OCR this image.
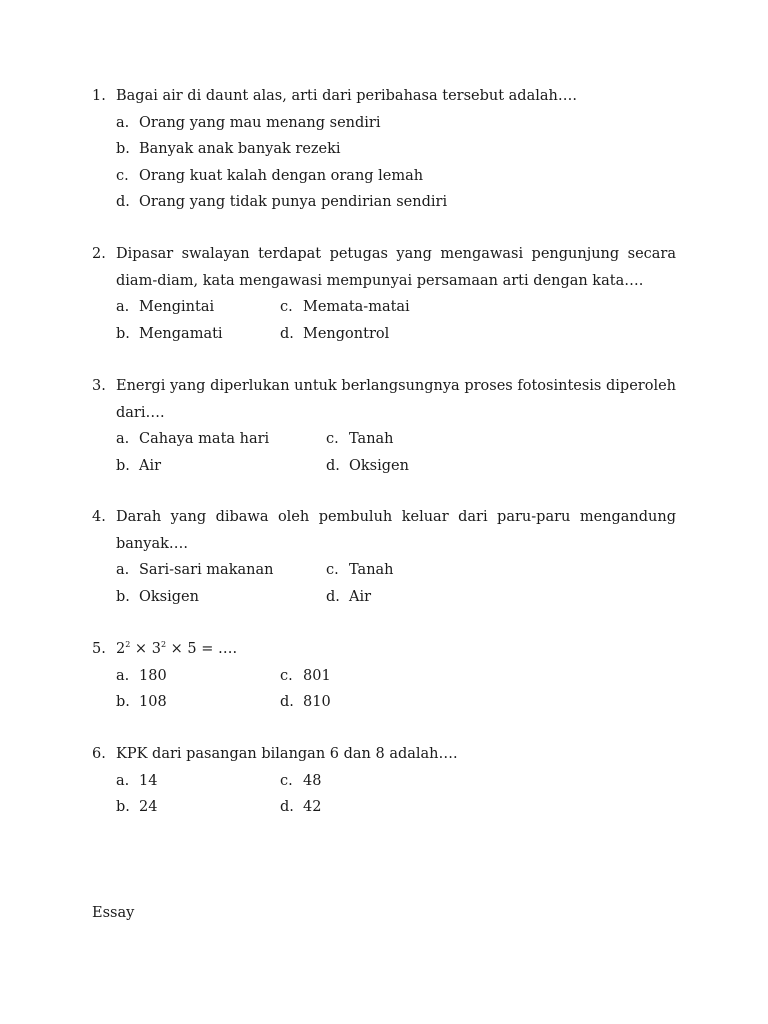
1. Bagai air di daunt alas, arti dari peribahasa tersebut adalah….
a. Orang yang mau menang sendiri
b. Banyak anak banyak rezeki
c. Orang kuat kalah dengan orang lemah
d. Orang yang tidak punya pendirian sendiri
2. Dipasar swalayan terdapat petugas yang mengawasi pengunjung secara diam-diam, kata mengawasi mempunyai persamaan arti dengan kata….
a. Mengintai	c. Memata-matai
b. Mengamati	d. Mengontrol
3. Energi yang diperlukan untuk berlangsungnya proses fotosintesis diperoleh dari….
a. Cahaya mata hari	c. Tanah
b. Air	d. Oksigen
4. Darah yang dibawa oleh pembuluh keluar dari paru-paru mengandung banyak….
a. Sari-sari makanan	c. Tanah
b. Oksigen	d. Air
5. $2^2 \times 3^2 \times 5$ = ….
a. 180	c. 801
b. 108	d. 810
6. KPK dari pasangan bilangan 6 dan 8 adalah….
a. 14	c. 48
b. 24	d. 42
Essay
